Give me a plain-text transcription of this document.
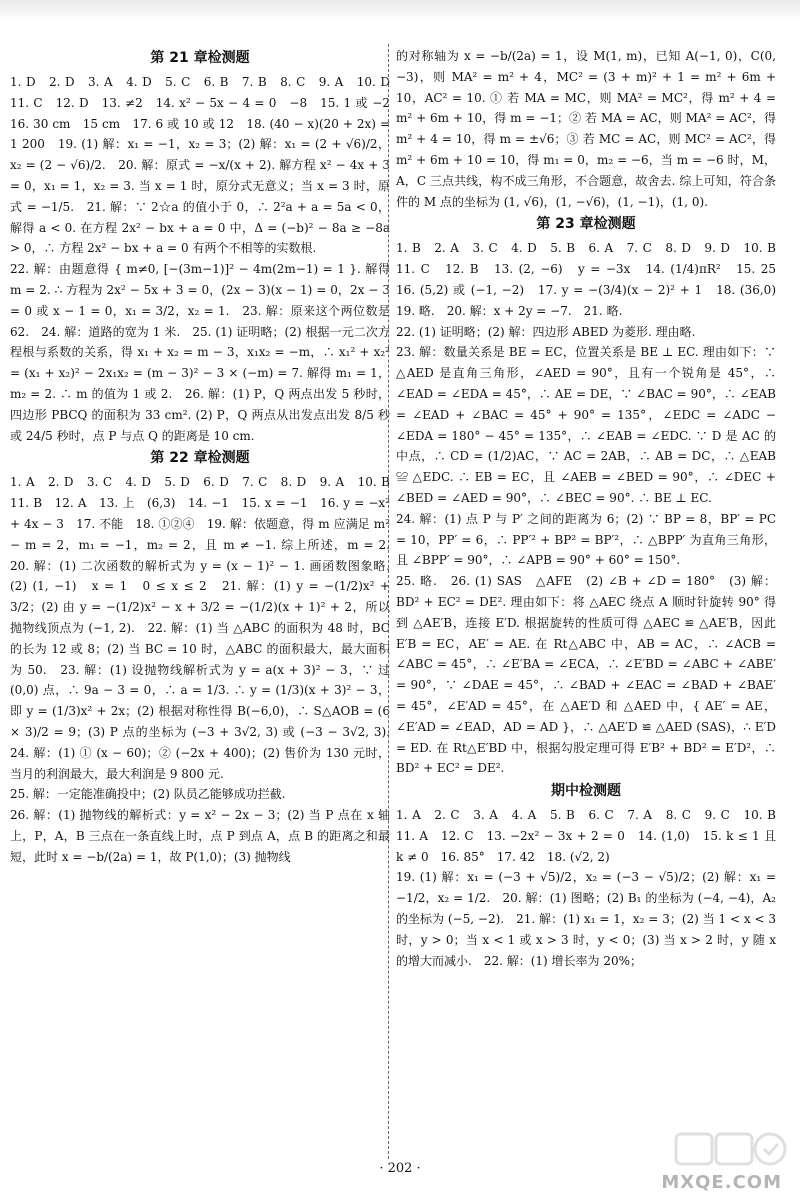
第 21 章检测题

1. D　2. D　3. A　4. D　5. C　6. B　7. B　8. C　9. A　10. D　11. C　12. D　13. ≠2　14. x² − 5x − 4 = 0　−8　15. 1 或 −2　16. 30 cm　15 cm　17. 6 或 10 或 12　18. (40 − x)(20 + 2x) = 1 200　19. (1) 解：x₁ = −1，x₂ = 3；(2) 解：x₁ = (2 + √6)/2，x₂ = (2 − √6)/2.　20. 解：原式 = −x/(x + 2). 解方程 x² − 4x + 3 = 0，x₁ = 1，x₂ = 3. 当 x = 1 时，原分式无意义；当 x = 3 时，原式 = −1/5.　21. 解：∵ 2☆a 的值小于 0，∴ 2²a + a = 5a < 0，解得 a < 0. 在方程 2x² − bx + a = 0 中，Δ = (−b)² − 8a ≥ −8a > 0，∴ 方程 2x² − bx + a = 0 有两个不相等的实数根.

22. 解：由题意得 { m≠0, [−(3m−1)]² − 4m(2m−1) = 1 }. 解得 m = 2. ∴ 方程为 2x² − 5x + 3 = 0，(2x − 3)(x − 1) = 0，2x − 3 = 0 或 x − 1 = 0，x₁ = 3/2，x₂ = 1.　23. 解：原来这个两位数是 62.　24. 解：道路的宽为 1 米.　25. (1) 证明略；(2) 根据一元二次方程根与系数的关系，得 x₁ + x₂ = m − 3，x₁x₂ = −m，∴ x₁² + x₂² = (x₁ + x₂)² − 2x₁x₂ = (m − 3)² − 3 × (−m) = 7. 解得 m₁ = 1，m₂ = 2. ∴ m 的值为 1 或 2.　26. 解：(1) P，Q 两点出发 5 秒时，四边形 PBCQ 的面积为 33 cm². (2) P，Q 两点从出发点出发 8/5 秒或 24/5 秒时，点 P 与点 Q 的距离是 10 cm.

第 22 章检测题

1. A　2. D　3. C　4. D　5. D　6. D　7. C　8. D　9. A　10. B　11. B　12. A　13. 上　(6,3)　14. −1　15. x = −1　16. y = −x² + 4x − 3　17. 不能　18. ①②④　19. 解：依题意，得 m 应满足 m² − m = 2，m₁ = −1，m₂ = 2，且 m ≠ −1. 综上所述，m = 2.　20. 解：(1) 二次函数的解析式为 y = (x − 1)² − 1. 画函数图象略.　(2) (1, −1)　x = 1　0 ≤ x ≤ 2　21. 解：(1) y = −(1/2)x² + 3/2；(2) 由 y = −(1/2)x² − x + 3/2 = −(1/2)(x + 1)² + 2，所以抛物线顶点为 (−1, 2).　22. 解：(1) 当 △ABC 的面积为 48 时，BC 的长为 12 或 8；(2) 当 BC = 10 时，△ABC 的面积最大，最大面积为 50.　23. 解：(1) 设抛物线解析式为 y = a(x + 3)² − 3，∵ 过 (0,0) 点，∴ 9a − 3 = 0，∴ a = 1/3. ∴ y = (1/3)(x + 3)² − 3，即 y = (1/3)x² + 2x；(2) 根据对称性得 B(−6,0)，∴ S△AOB = (6 × 3)/2 = 9；(3) P 点的坐标为 (−3 + 3√2, 3) 或 (−3 − 3√2, 3).　24. 解：(1) ① (x − 60)；② (−2x + 400)；(2) 售价为 130 元时，当月的利润最大，最大利润是 9 800 元.

25. 解：一定能准确投中；(2) 队员乙能够成功拦截.

26. 解：(1) 抛物线的解析式：y = x² − 2x − 3；(2) 当 P 点在 x 轴上，P，A，B 三点在一条直线上时，点 P 到点 A，点 B 的距离之和最短，此时 x = −b/(2a) = 1，故 P(1,0)；(3) 抛物线

的对称轴为 x = −b/(2a) = 1，设 M(1, m)，已知 A(−1, 0)，C(0, −3)，则 MA² = m² + 4，MC² = (3 + m)² + 1 = m² + 6m + 10，AC² = 10. ① 若 MA = MC，则 MA² = MC²，得 m² + 4 = m² + 6m + 10，得 m = −1；② 若 MA = AC，则 MA² = AC²，得 m² + 4 = 10，得 m = ±√6；③ 若 MC = AC，则 MC² = AC²，得 m² + 6m + 10 = 10，得 m₁ = 0，m₂ = −6，当 m = −6 时，M，A，C 三点共线，构不成三角形，不合题意，故舍去. 综上可知，符合条件的 M 点的坐标为 (1, √6)，(1, −√6)，(1, −1)，(1, 0).

第 23 章检测题

1. B　2. A　3. C　4. D　5. B　6. A　7. C　8. D　9. D　10. B　11. C　12. B　13. (2, −6)　y = −3x　14. (1/4)πR²　15. 25　16. (5,2) 或 (−1, −2)　17. y = −(3/4)(x − 2)² + 1　18. (36,0)　19. 略.　20. 解：x + 2y = −7.　21. 略.

22. (1) 证明略；(2) 解：四边形 ABED 为菱形. 理由略.

23. 解：数量关系是 BE = EC，位置关系是 BE ⊥ EC. 理由如下：∵ △AED 是直角三角形，∠AED = 90°，且有一个锐角是 45°，∴ ∠EAD = ∠EDA = 45°，∴ AE = DE，∵ ∠BAC = 90°，∴ ∠EAB = ∠EAD + ∠BAC = 45° + 90° = 135°，∠EDC = ∠ADC − ∠EDA = 180° − 45° = 135°，∴ ∠EAB = ∠EDC. ∵ D 是 AC 的中点，∴ CD = (1/2)AC，∵ AC = 2AB，∴ AB = DC，∴ △EAB ≌ △EDC. ∴ EB = EC，且 ∠AEB = ∠BED = 90°，∴ ∠DEC + ∠BED = ∠AED = 90°，∴ ∠BEC = 90°. ∴ BE ⊥ EC.

24. 解：(1) 点 P 与 P′ 之间的距离为 6；(2) ∵ BP = 8，BP′ = PC = 10，PP′ = 6，∴ PP′² + BP² = BP′²，∴ △BPP′ 为直角三角形，且 ∠BPP′ = 90°，∴ ∠APB = 90° + 60° = 150°.

25. 略.　26. (1) SAS　△AFE　(2) ∠B + ∠D = 180°　(3) 解：BD² + EC² = DE². 理由如下：将 △AEC 绕点 A 顺时针旋转 90° 得到 △AE′B，连接 E′D. 根据旋转的性质可得 △AEC ≌ △AE′B，因此 E′B = EC，AE′ = AE. 在 Rt△ABC 中，AB = AC，∴ ∠ACB = ∠ABC = 45°，∴ ∠E′BA = ∠ECA，∴ ∠E′BD = ∠ABC + ∠ABE′ = 90°，∵ ∠DAE = 45°，∴ ∠BAD + ∠EAC = ∠BAD + ∠BAE′ = 45°，∠E′AD = 45°，在 △AE′D 和 △AED 中，{ AE′ = AE，∠E′AD = ∠EAD，AD = AD }，∴ △AE′D ≌ △AED (SAS)，∴ E′D = ED. 在 Rt△E′BD 中，根据勾股定理可得 E′B² + BD² = E′D²，∴ BD² + EC² = DE².

期中检测题

1. A　2. C　3. A　4. A　5. B　6. C　7. A　8. C　9. C　10. B　11. A　12. C　13. −2x² − 3x + 2 = 0　14. (1,0)　15. k ≤ 1 且 k ≠ 0　16. 85°　17. 42　18. (√2, 2)

19. (1) 解：x₁ = (−3 + √5)/2，x₂ = (−3 − √5)/2；(2) 解：x₁ = −1/2，x₂ = 1/2.　20. 解：(1) 图略；(2) B₁ 的坐标为 (−4, −4)，A₂ 的坐标为 (−5, −2).　21. 解：(1) x₁ = 1，x₂ = 3；(2) 当 1 < x < 3 时，y > 0；当 x < 1 或 x > 3 时，y < 0；(3) 当 x > 2 时，y 随 x 的增大而减小.　22. 解：(1) 增长率为 20%；

· 202 ·
MXQE.COM
